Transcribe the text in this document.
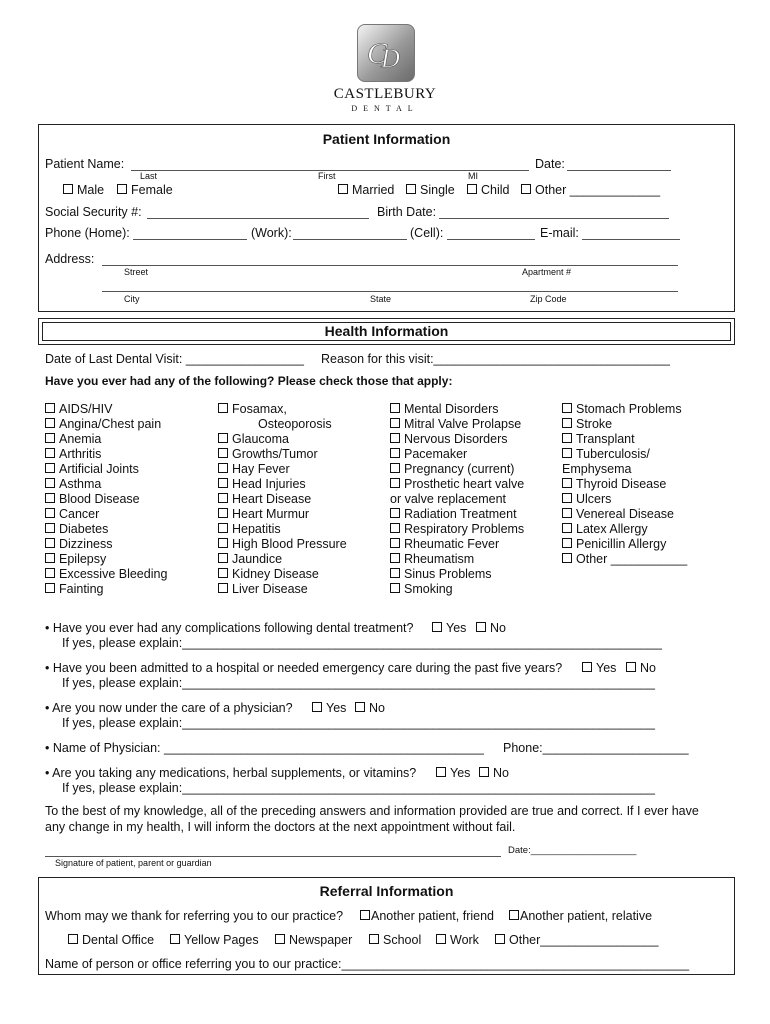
C
D
CASTLEBURY
DENTAL
Patient Information
Patient Name:	Date:
Last	First	MI
Male	Female	Married	Single	Child	Other _____________
Social Security #:	Birth Date:
Phone (Home):	(Work):	(Cell):	E-mail:
Address:
Street	Apartment #
City	State	Zip Code
Health Information
Date of Last Dental Visit: _________________ Reason for this visit:__________________________________
Have you ever had any of the following? Please check those that apply:
AIDS/HIV
Angina/Chest pain
Anemia
Arthritis
Artificial Joints
Asthma
Blood Disease
Cancer
Diabetes
Dizziness
Epilepsy
Excessive Bleeding
Fainting
Fosamax,
Osteoporosis
Glaucoma
Growths/Tumor
Hay Fever
Head Injuries
Heart Disease
Heart Murmur
Hepatitis
High Blood Pressure
Jaundice
Kidney Disease
Liver Disease
Mental Disorders
Mitral Valve Prolapse
Nervous Disorders
Pacemaker
Pregnancy (current)
Prosthetic heart valve
or valve replacement
Radiation Treatment
Respiratory Problems
Rheumatic Fever
Rheumatism
Sinus Problems
Smoking
Stomach Problems
Stroke
Transplant
Tuberculosis/
Emphysema
Thyroid Disease
Ulcers
Venereal Disease
Latex Allergy
Penicillin Allergy
Other ___________
• Have you ever had any complications following dental treatment?	Yes	No
If yes, please explain:_____________________________________________________________________
• Have you been admitted to a hospital or needed emergency care during the past five years?	Yes	No
If yes, please explain:____________________________________________________________________
• Are you now under the care of a physician?	Yes	No
If yes, please explain:____________________________________________________________________
• Name of Physician: ______________________________________________ Phone:_____________________
• Are you taking any medications, herbal supplements, or vitamins?	Yes	No
If yes, please explain:____________________________________________________________________
To the best of my knowledge, all of the preceding answers and information provided are true and correct. If I ever have
any change in my health, I will inform the doctors at the next appointment without fail.
Date:____________________
Signature of patient, parent or guardian
Referral Information
Whom may we thank for referring you to our practice?	Another patient, friend	Another patient, relative
Dental Office	Yellow Pages	Newspaper	School	Work	Other_________________
Name of person or office referring you to our practice:__________________________________________________
